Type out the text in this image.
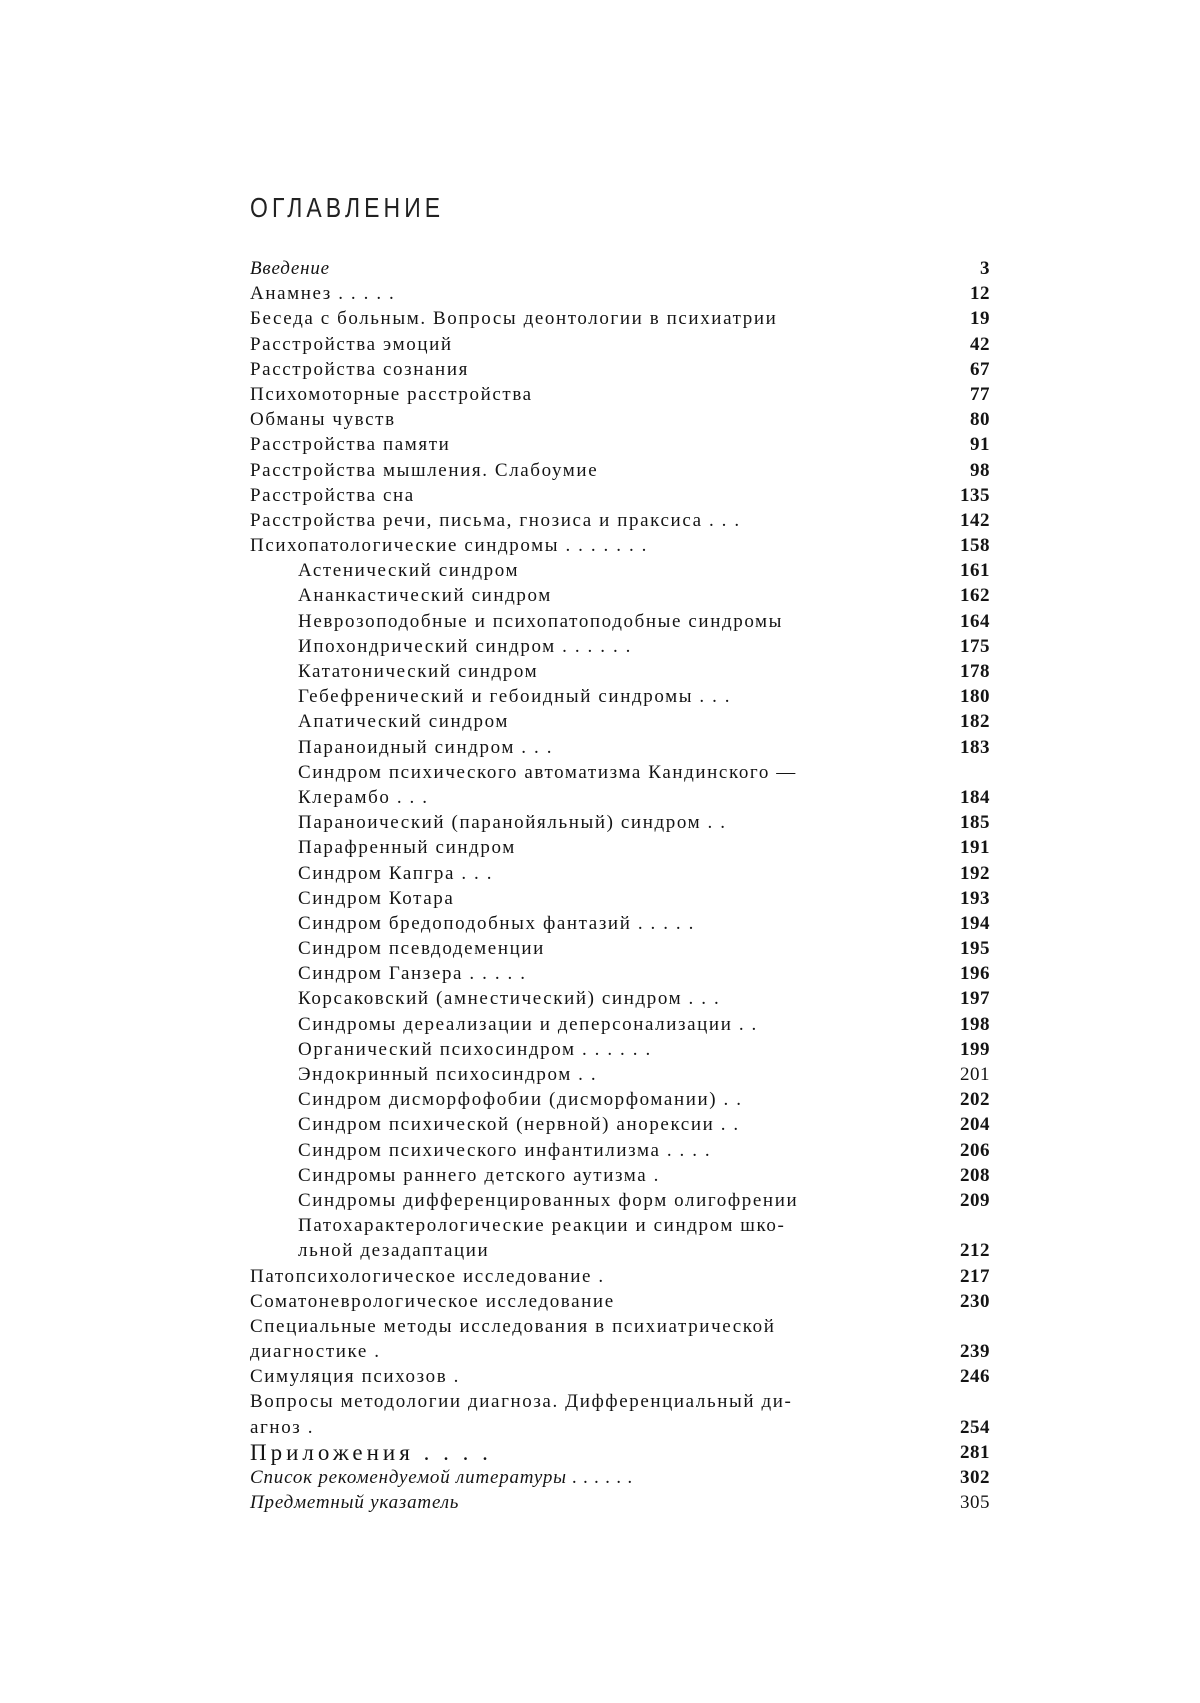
ОГЛАВЛЕНИЕ
Введение	3
Анамнез . . . . .	12
Беседа с больным. Вопросы деонтологии в психиатрии	19
Расстройства эмоций	42
Расстройства сознания	67
Психомоторные расстройства	77
Обманы чувств	80
Расстройства памяти	91
Расстройства мышления. Слабоумие	98
Расстройства сна	135
Расстройства речи, письма, гнозиса и праксиса . . .	142
Психопатологические синдромы . . . . . . .	158
Астенический синдром	161
Ананкастический синдром	162
Неврозоподобные и психопатоподобные синдромы	164
Ипохондрический синдром . . . . . .	175
Кататонический синдром	178
Гебефренический и гебоидный синдромы . . .	180
Апатический синдром	182
Параноидный синдром . . .	183
Синдром психического автоматизма Кандинского —
Клерамбо . . .	184
Параноический (паранойяльный) синдром . .	185
Парафренный синдром	191
Синдром Капгра . . .	192
Синдром Котара	193
Синдром бредоподобных фантазий . . . . .	194
Синдром псевдодеменции	195
Синдром Ганзера . . . . .	196
Корсаковский (амнестический) синдром . . .	197
Синдромы дереализации и деперсонализации . .	198
Органический психосиндром . . . . . .	199
Эндокринный психосиндром . .	201
Синдром дисморфофобии (дисморфомании) . .	202
Синдром психической (нервной) анорексии . .	204
Синдром психического инфантилизма . . . .	206
Синдромы раннего детского аутизма .	208
Синдромы дифференцированных форм олигофрении	209
Патохарактерологические реакции и синдром шко-
льной дезадаптации	212
Патопсихологическое исследование .	217
Соматоневрологическое исследование	230
Специальные методы исследования в психиатрической
диагностике .	239
Симуляция психозов .	246
Вопросы методологии диагноза. Дифференциальный ди-
агноз .	254
Приложения . . . .	281
Список рекомендуемой литературы . . . . . .	302
Предметный указатель	305
